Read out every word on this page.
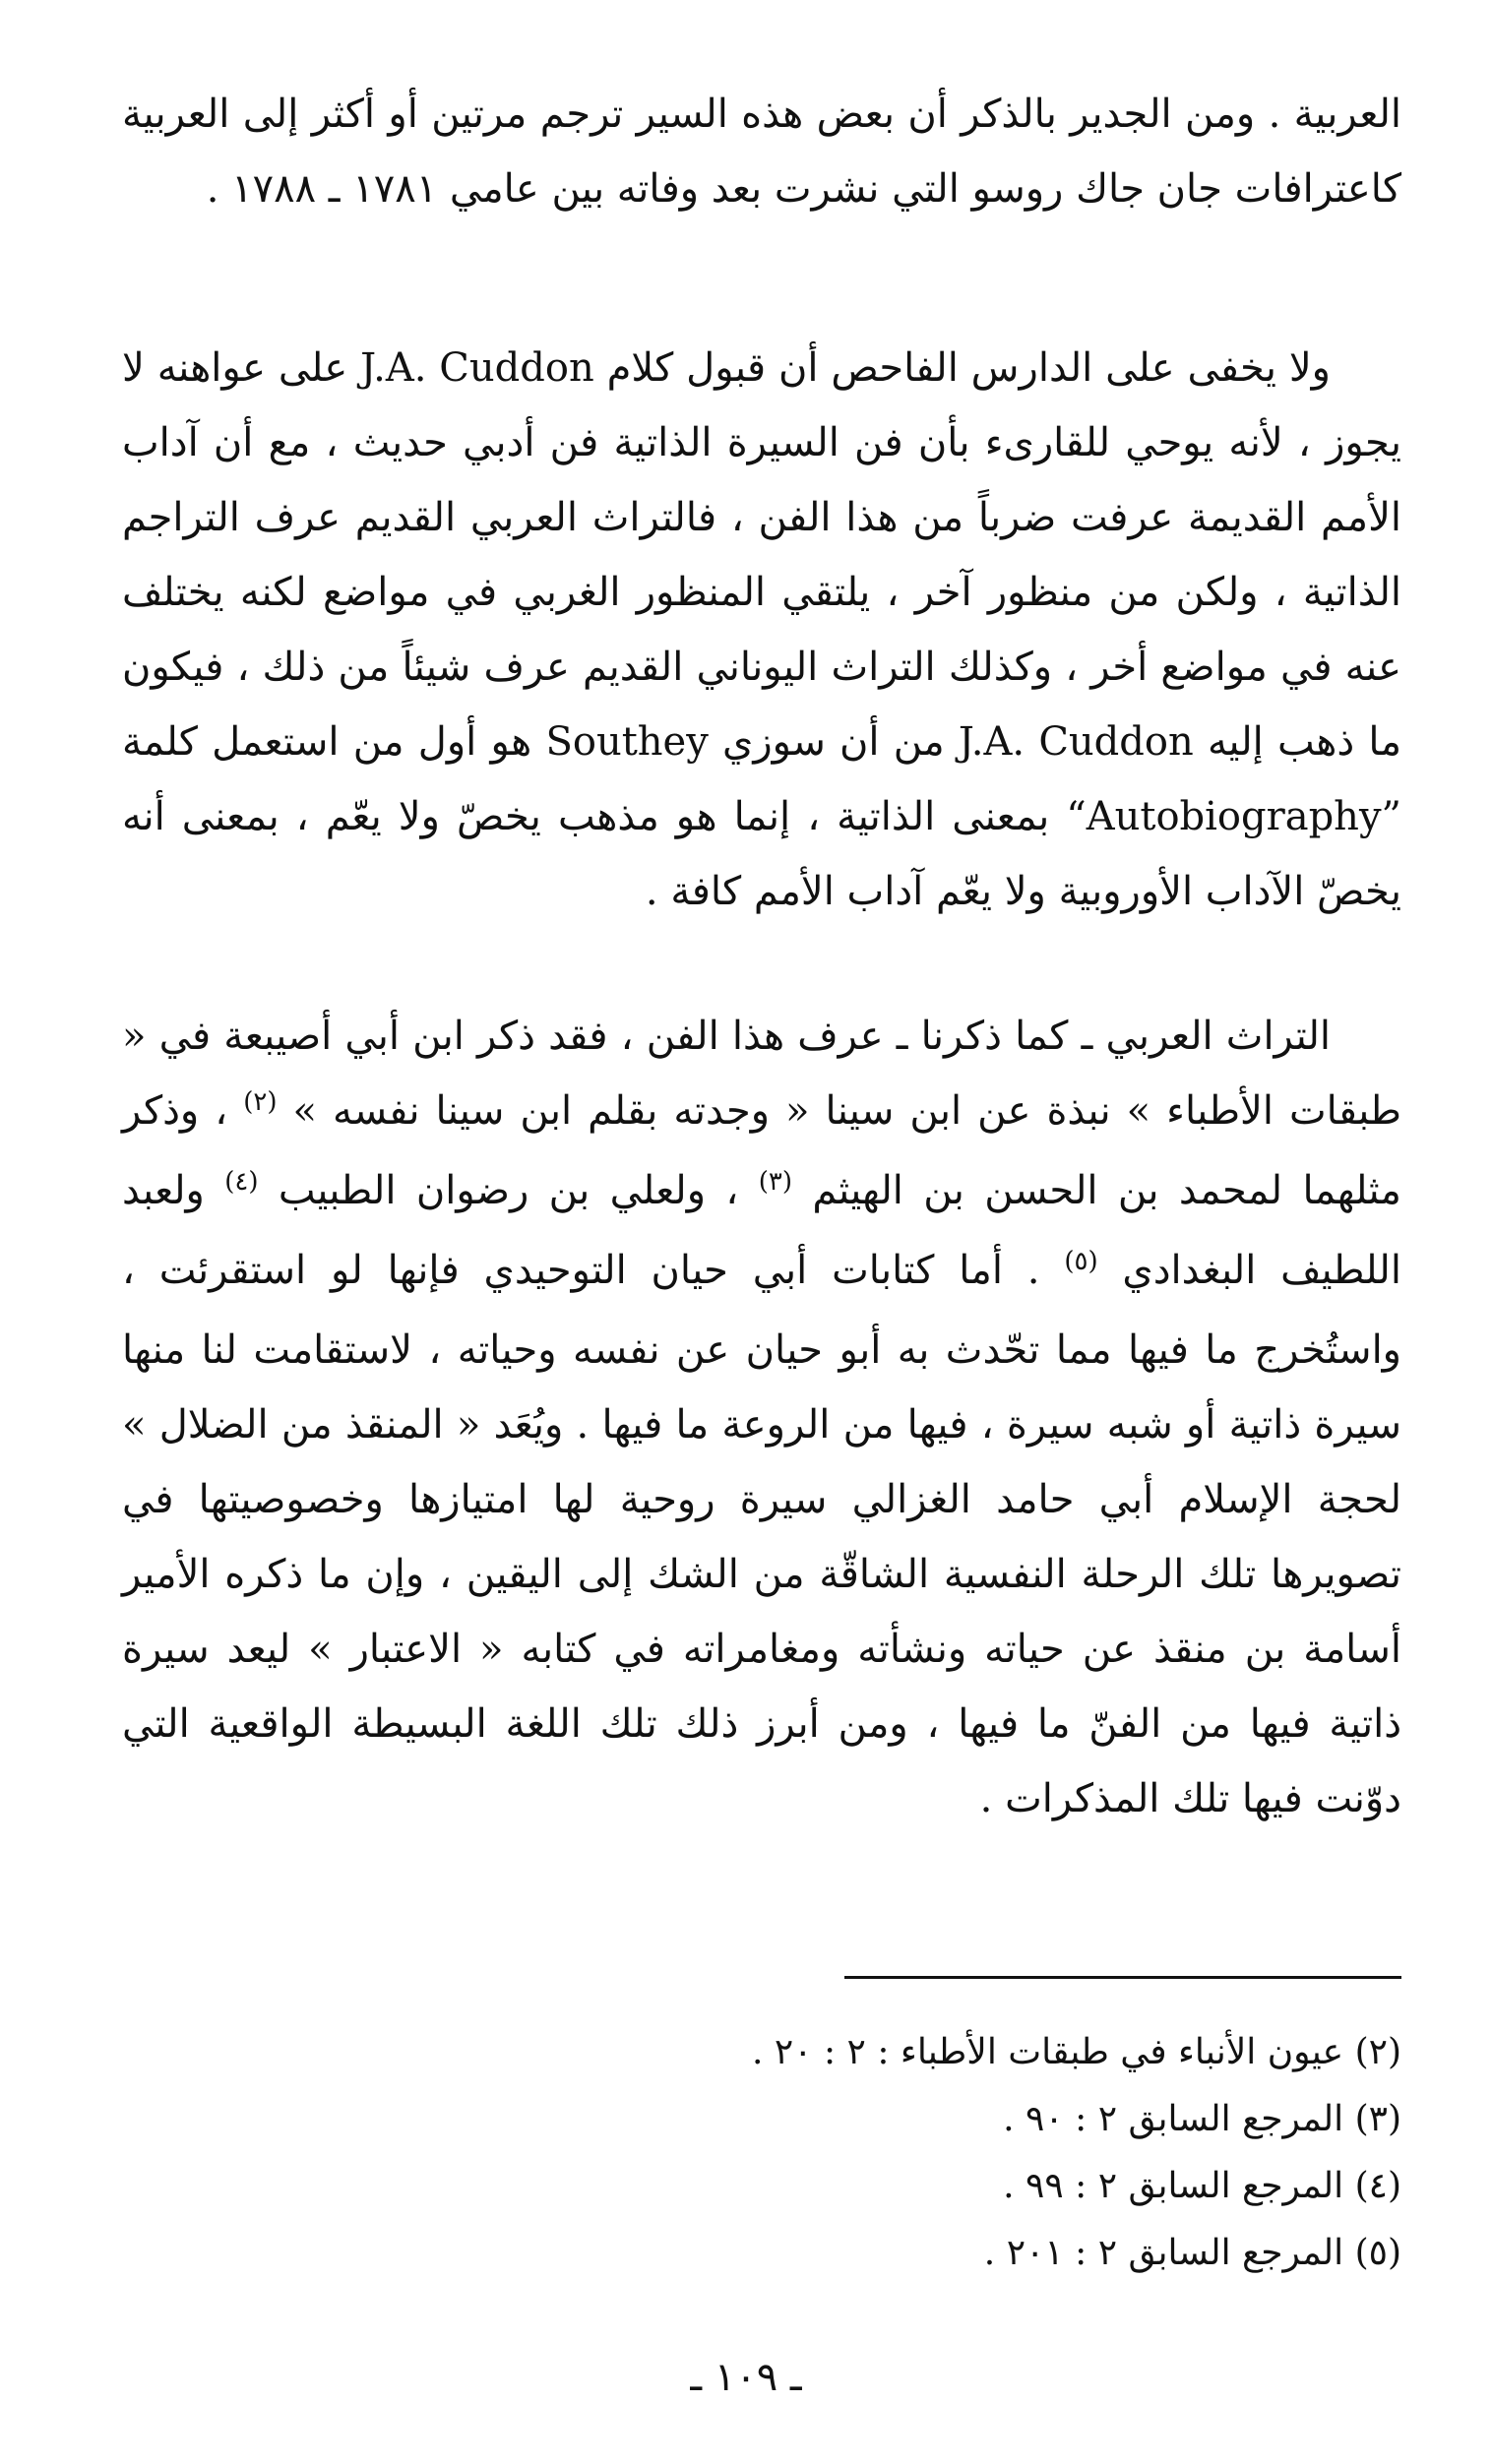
العربية . ومن الجدير بالذكر أن بعض هذه السير ترجم مرتين أو أكثر إلى العربية كاعترافات جان جاك روسو التي نشرت بعد وفاته بين عامي ١٧٨١ ـ ١٧٨٨ .

ولا يخفى على الدارس الفاحص أن قبول كلام J.A. Cuddon على عواهنه لا يجوز ، لأنه يوحي للقارىء بأن فن السيرة الذاتية فن أدبي حديث ، مع أن آداب الأمم القديمة عرفت ضرباً من هذا الفن ، فالتراث العربي القديم عرف التراجم الذاتية ، ولكن من منظور آخر ، يلتقي المنظور الغربي في مواضع لكنه يختلف عنه في مواضع أخر ، وكذلك التراث اليوناني القديم عرف شيئاً من ذلك ، فيكون ما ذهب إليه J.A. Cuddon من أن سوزي Southey هو أول من استعمل كلمة ”Autobiography“ بمعنى الذاتية ، إنما هو مذهب يخصّ ولا يعّم ، بمعنى أنه يخصّ الآداب الأوروبية ولا يعّم آداب الأمم كافة .

التراث العربي ـ كما ذكرنا ـ عرف هذا الفن ، فقد ذكر ابن أبي أصيبعة في « طبقات الأطباء » نبذة عن ابن سينا « وجدته بقلم ابن سينا نفسه » $^{(٢)}$ ، وذكر مثلهما لمحمد بن الحسن بن الهيثم $^{(٣)}$ ، ولعلي بن رضوان الطبيب $^{(٤)}$ ولعبد اللطيف البغدادي $^{(٥)}$ . أما كتابات أبي حيان التوحيدي فإنها لو استقرئت ، واستُخرج ما فيها مما تحّدث به أبو حيان عن نفسه وحياته ، لاستقامت لنا منها سيرة ذاتية أو شبه سيرة ، فيها من الروعة ما فيها . ويُعَد « المنقذ من الضلال » لحجة الإسلام أبي حامد الغزالي سيرة روحية لها امتيازها وخصوصيتها في تصويرها تلك الرحلة النفسية الشاقّة من الشك إلى اليقين ، وإن ما ذكره الأمير أسامة بن منقذ عن حياته ونشأته ومغامراته في كتابه « الاعتبار » ليعد سيرة ذاتية فيها من الفنّ ما فيها ، ومن أبرز ذلك تلك اللغة البسيطة الواقعية التي دوّنت فيها تلك المذكرات .

(٢) عيون الأنباء في طبقات الأطباء : ٢ : ٢٠ .
(٣) المرجع السابق ٢ : ٩٠ .
(٤) المرجع السابق ٢ : ٩٩ .
(٥) المرجع السابق ٢ : ٢٠١ .
ـ ١٠٩ ـ
